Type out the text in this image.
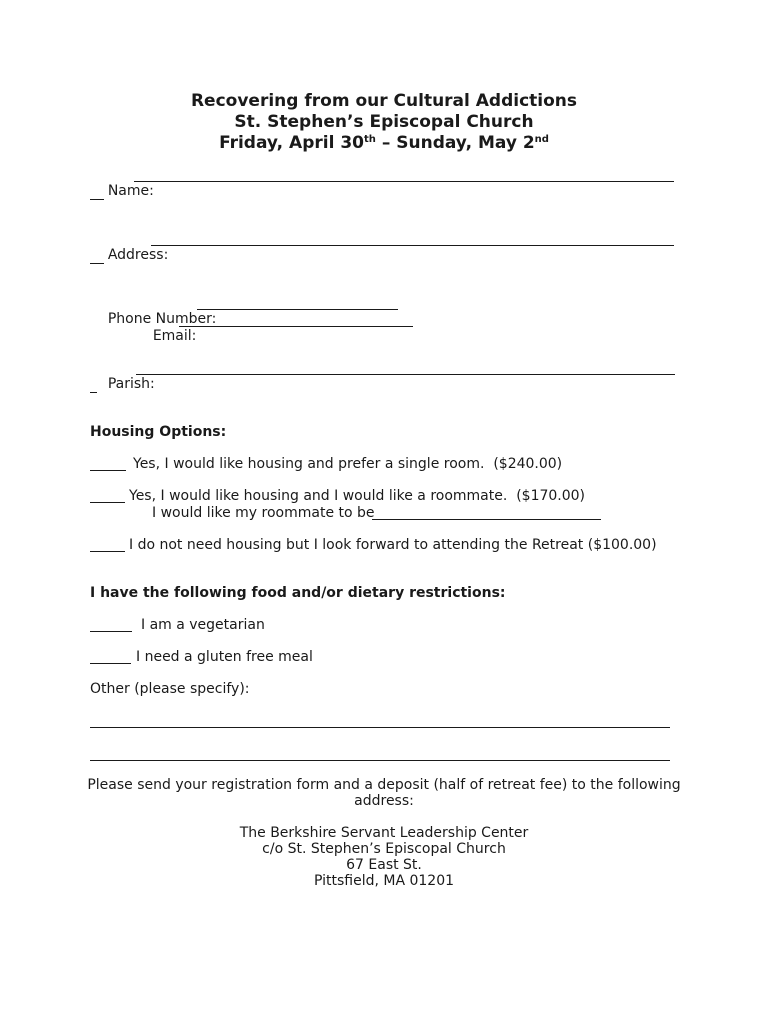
Recovering from our Cultural Addictions
St. Stephen’s Episcopal Church
Friday, April 30th – Sunday, May 2nd

Name:

Address:

Phone Number:

Email:

Parish:

Housing Options:
Yes, I would like housing and prefer a single room.  ($240.00)
Yes, I would like housing and I would like a roommate.  ($170.00)
I would like my roommate to be
I do not need housing but I look forward to attending the Retreat ($100.00)
I have the following food and/or dietary restrictions:
I am a vegetarian
I need a gluten free meal
Other (please specify):
Please send your registration form and a deposit (half of retreat fee) to the following address:
The Berkshire Servant Leadership Center
c/o St. Stephen’s Episcopal Church
67 East St.
Pittsfield, MA 01201
